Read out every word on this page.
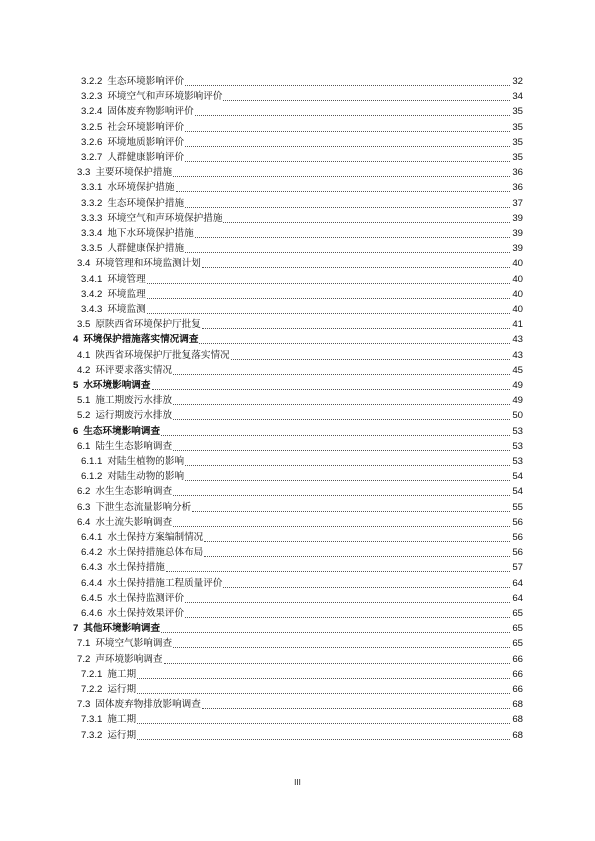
3.2.2 生态环境影响评价	32
3.2.3 环境空气和声环境影响评价	34
3.2.4 固体废弃物影响评价	35
3.2.5 社会环境影响评价	35
3.2.6 环境地质影响评价	35
3.2.7 人群健康影响评价	35
3.3 主要环境保护措施	36
3.3.1 水环境保护措施	36
3.3.2 生态环境保护措施	37
3.3.3 环境空气和声环境保护措施	39
3.3.4 地下水环境保护措施	39
3.3.5 人群健康保护措施	39
3.4 环境管理和环境监测计划	40
3.4.1 环境管理	40
3.4.2 环境监理	40
3.4.3 环境监测	40
3.5 原陕西省环境保护厅批复	41
4 环境保护措施落实情况调查	43
4.1 陕西省环境保护厅批复落实情况	43
4.2 环评要求落实情况	45
5 水环境影响调查	49
5.1 施工期废污水排放	49
5.2 运行期废污水排放	50
6 生态环境影响调查	53
6.1 陆生生态影响调查	53
6.1.1 对陆生植物的影响	53
6.1.2 对陆生动物的影响	54
6.2 水生生态影响调查	54
6.3 下泄生态流量影响分析	55
6.4 水土流失影响调查	56
6.4.1 水土保持方案编制情况	56
6.4.2 水土保持措施总体布局	56
6.4.3 水土保持措施	57
6.4.4 水土保持措施工程质量评价	64
6.4.5 水土保持监测评价	64
6.4.6 水土保持效果评价	65
7 其他环境影响调查	65
7.1 环境空气影响调查	65
7.2 声环境影响调查	66
7.2.1 施工期	66
7.2.2 运行期	66
7.3 固体废弃物排放影响调查	68
7.3.1 施工期	68
7.3.2 运行期	68
III
